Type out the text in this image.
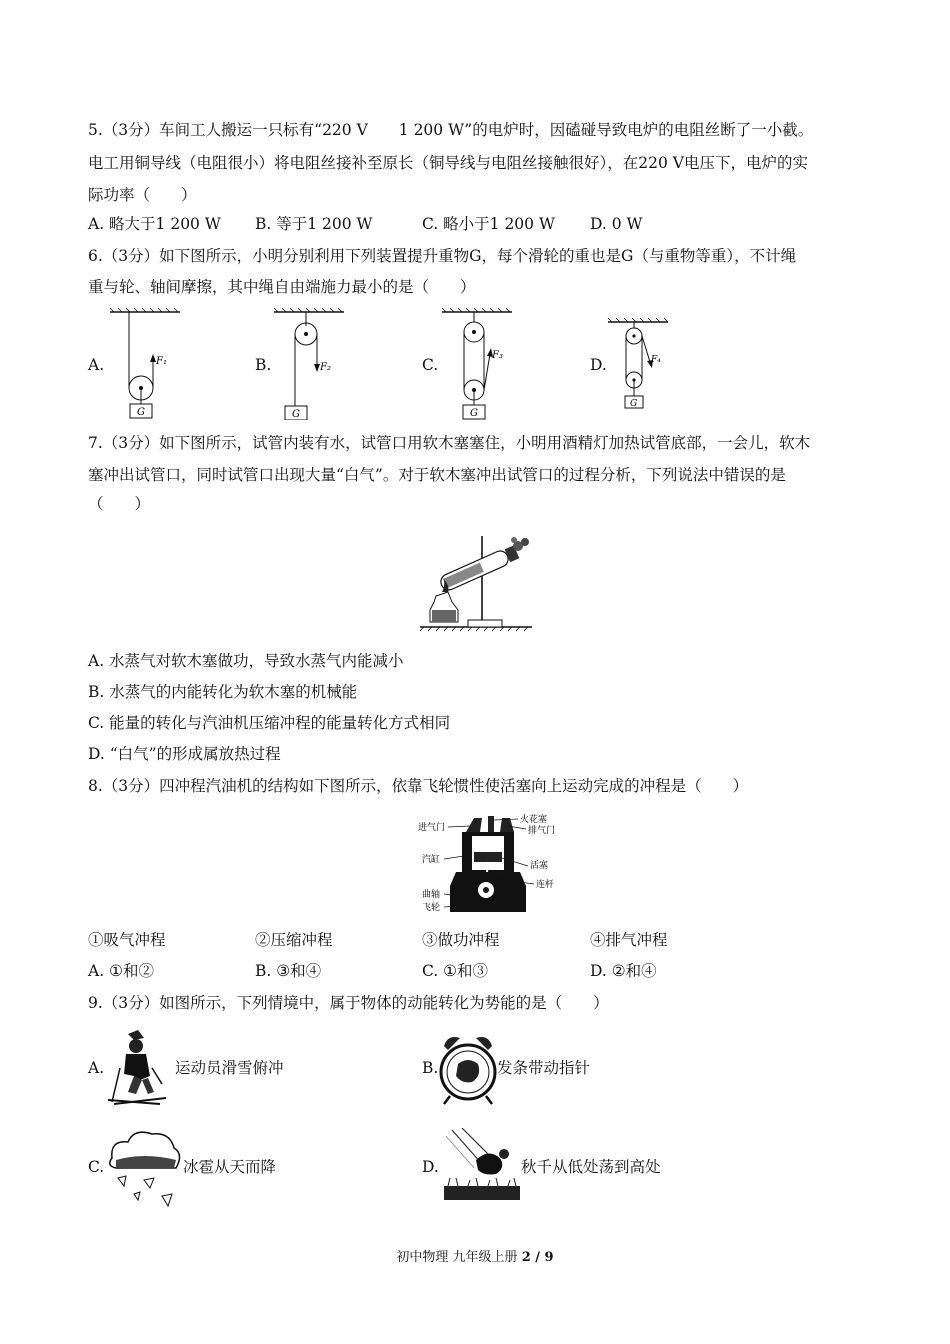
5.（3分）车间工人搬运一只标有“220 V　　1 200 W”的电炉时，因磕碰导致电炉的电阻丝断了一小截。
电工用铜导线（电阻很小）将电阻丝接补至原长（铜导线与电阻丝接触很好），在220 V电压下，电炉的实
际功率（　　）
A. 略大于1 200 W B. 等于1 200 W	C. 略小于1 200 W D. 0 W
6.（3分）如下图所示，小明分别利用下列装置提升重物G，每个滑轮的重也是G（与重物等重），不计绳
重与轮、轴间摩擦，其中绳自由端施力最小的是（　　）
A.	B.	C.	D.
F₁
G
F₂
G
F₃
G
F₄
G
7.（3分）如下图所示，试管内装有水，试管口用软木塞塞住，小明用酒精灯加热试管底部，一会儿，软木
塞冲出试管口，同时试管口出现大量“白气”。对于软木塞冲出试管口的过程分析，下列说法中错误的是
（　　）
A. 水蒸气对软木塞做功，导致水蒸气内能减小
B. 水蒸气的内能转化为软木塞的机械能
C. 能量的转化与汽油机压缩冲程的能量转化方式相同
D. “白气”的形成属放热过程
8.（3分）四冲程汽油机的结构如下图所示，依靠飞轮惯性使活塞向上运动完成的冲程是（　　）
进气门
火花塞
排气门
汽缸
活塞
连杆
曲轴
飞轮
①吸气冲程	②压缩冲程	③做功冲程	④排气冲程
A. ①和②	B. ③和④	C. ①和③	D. ②和④
9.（3分）如图所示，下列情境中，属于物体的动能转化为势能的是（　　）
A.	运动员滑雪俯冲	B.	发条带动指针
C.	冰雹从天而降	D.	秋千从低处荡到高处
初中物理 九年级上册 2 / 9
